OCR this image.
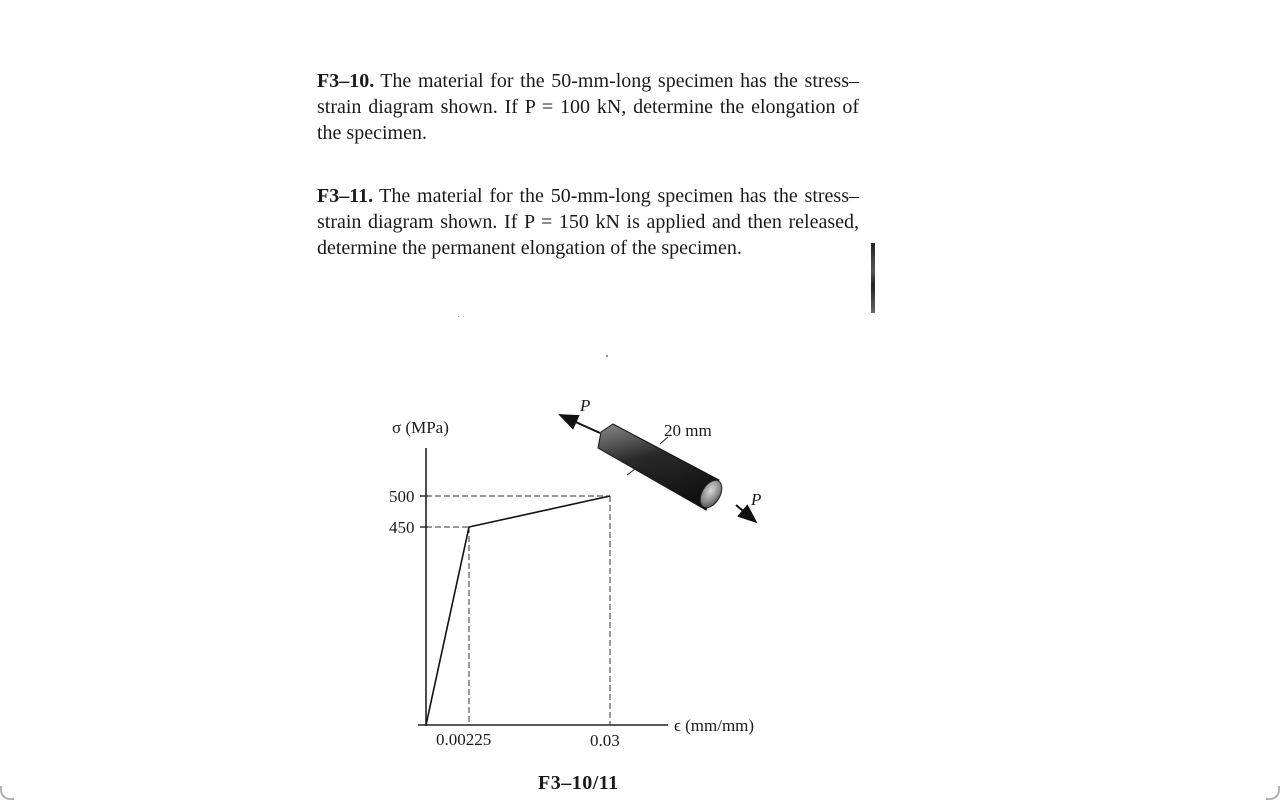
F3–10. The material for the 50-mm-long specimen has the stress–strain diagram shown. If P = 100 kN, determine the elongation of the specimen.
F3–11. The material for the 50-mm-long specimen has the stress–strain diagram shown. If P = 150 kN is applied and then released, determine the permanent elongation of the specimen.
σ (MPa)
ϵ (mm/mm)
500
450
0.00225	0.03
P
P
20 mm
F3–10/11
